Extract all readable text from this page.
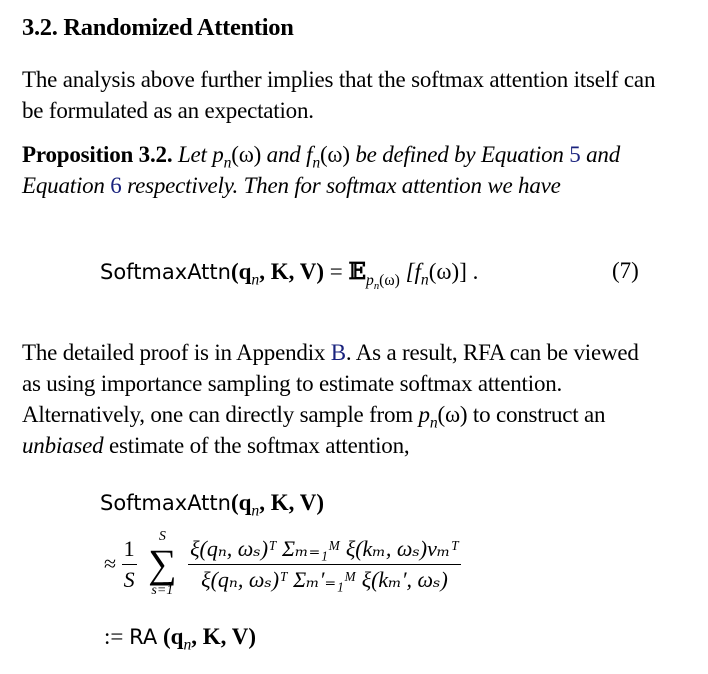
3.2. Randomized Attention
The analysis above further implies that the softmax attention itself can be formulated as an expectation.
Proposition 3.2. Let $p_n(\omega)$ and $f_n(\omega)$ be defined by Equation 5 and Equation 6 respectively. Then for softmax attention we have
$SoftmaxAttn(q_n$, K, V) = 𝔼$_{p_n(\omega)}$ $[f_n(\omega)]$ .	(7)
The detailed proof is in Appendix B. As a result, RFA can be viewed as using importance sampling to estimate softmax attention. Alternatively, one can directly sample from $p_n(\omega)$ to construct an unbiased estimate of the softmax attention,
$SoftmaxAttn(q_n$, K, V)
≈ $\frac{1}{S}$
	S
∑
s=1
$\frac{\text{ξ(qₙ, ωₛ)ᵀ Σₘ₌₁ᴹ ξ(kₘ, ωₛ)vₘᵀ}}{\text{ξ(qₙ, ωₛ)ᵀ Σₘ′₌₁ᴹ ξ(kₘ′, ωₛ)}}$
:= RA ($q_n$, K, V)
